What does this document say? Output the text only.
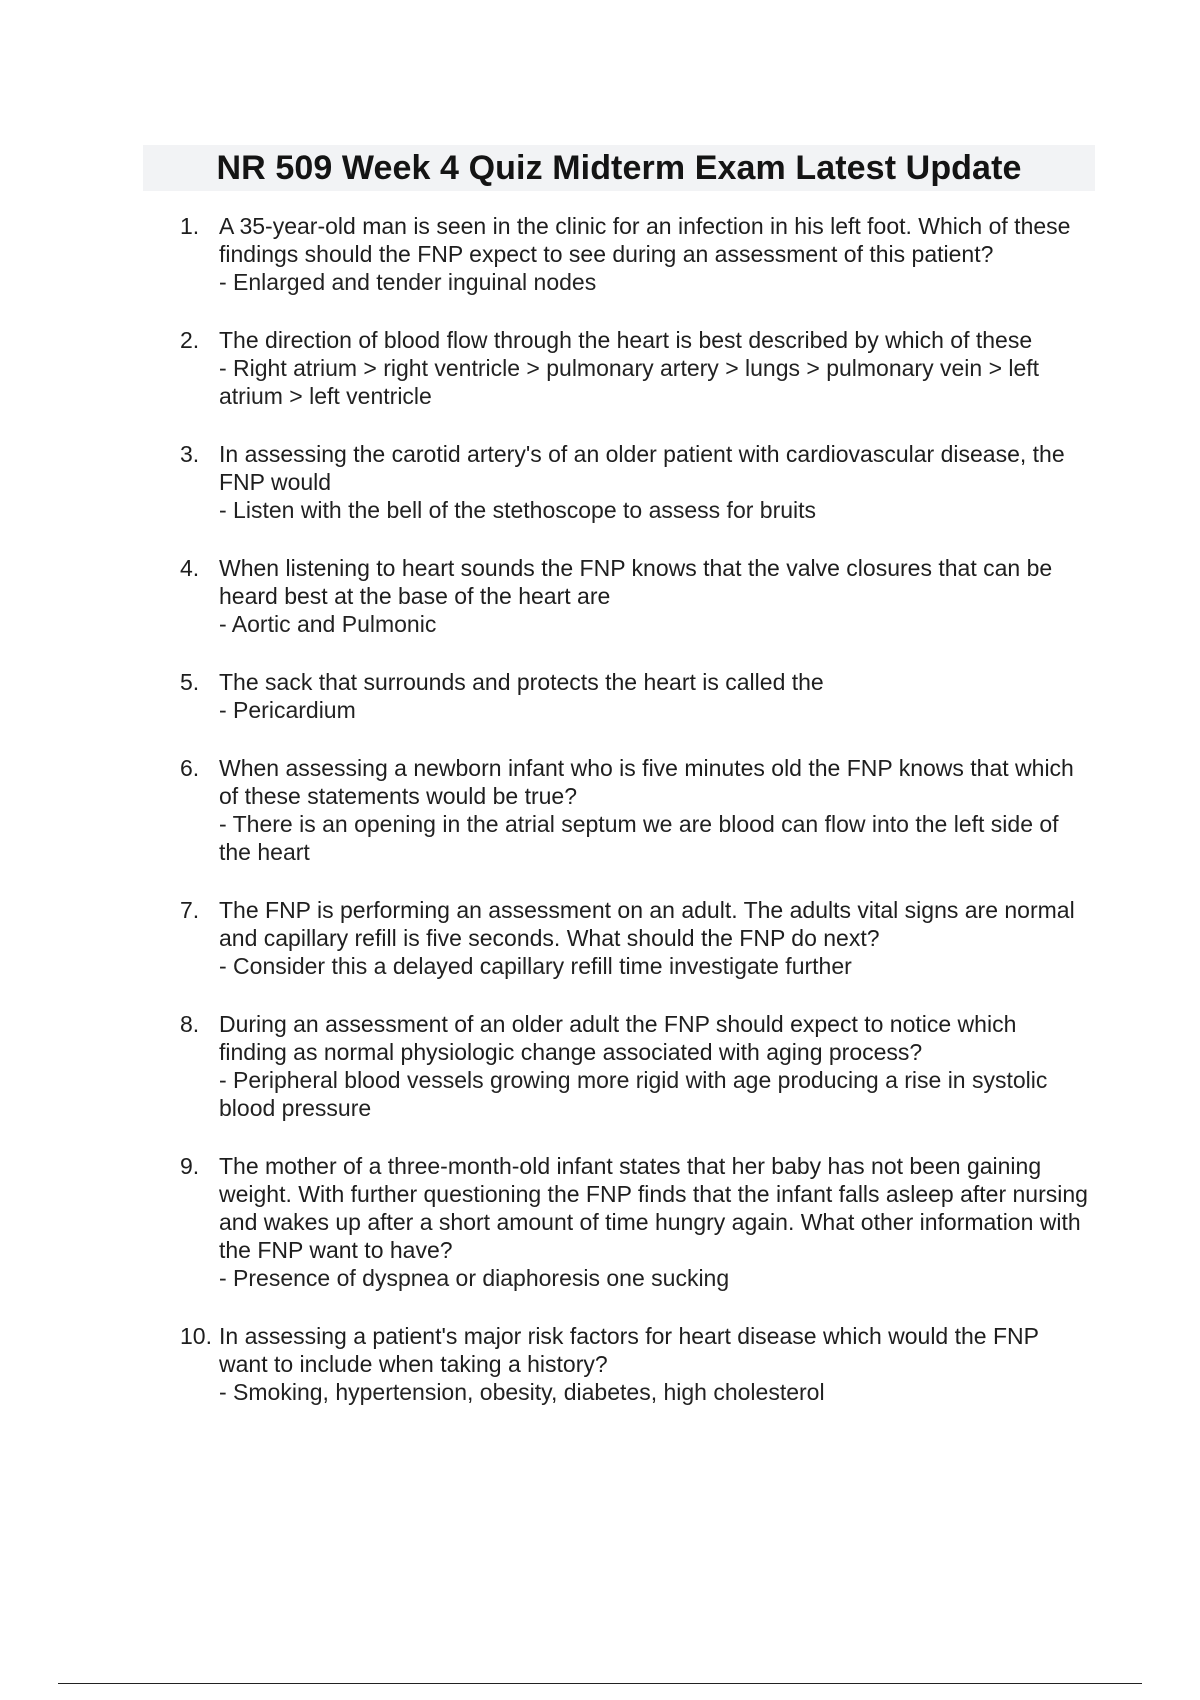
NR 509 Week 4 Quiz Midterm Exam Latest Update
1. A 35-year-old man is seen in the clinic for an infection in his left foot. Which of these findings should the FNP expect to see during an assessment of this patient?
- Enlarged and tender inguinal nodes
2. The direction of blood flow through the heart is best described by which of these
- Right atrium > right ventricle > pulmonary artery > lungs > pulmonary vein > left atrium > left ventricle
3. In assessing the carotid artery's of an older patient with cardiovascular disease, the FNP would
- Listen with the bell of the stethoscope to assess for bruits
4. When listening to heart sounds the FNP knows that the valve closures that can be heard best at the base of the heart are
- Aortic and Pulmonic
5. The sack that surrounds and protects the heart is called the
- Pericardium
6. When assessing a newborn infant who is five minutes old the FNP knows that which of these statements would be true?
- There is an opening in the atrial septum we are blood can flow into the left side of the heart
7. The FNP is performing an assessment on an adult. The adults vital signs are normal and capillary refill is five seconds. What should the FNP do next?
- Consider this a delayed capillary refill time investigate further
8. During an assessment of an older adult the FNP should expect to notice which finding as normal physiologic change associated with aging process?
- Peripheral blood vessels growing more rigid with age producing a rise in systolic blood pressure
9. The mother of a three-month-old infant states that her baby has not been gaining weight. With further questioning the FNP finds that the infant falls asleep after nursing and wakes up after a short amount of time hungry again. What other information with the FNP want to have?
- Presence of dyspnea or diaphoresis one sucking
10. In assessing a patient's major risk factors for heart disease which would the FNP want to include when taking a history?
- Smoking, hypertension, obesity, diabetes, high cholesterol
